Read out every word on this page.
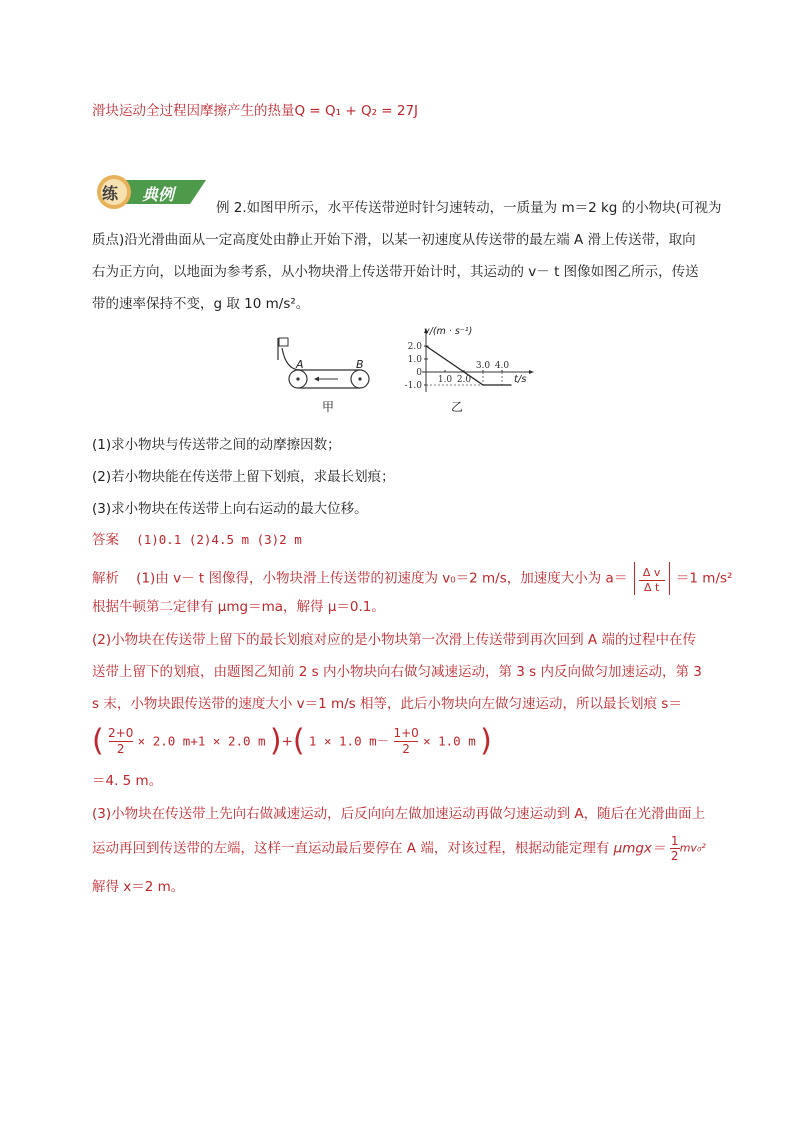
滑块运动全过程因摩擦产生的热量Q = Q₁ + Q₂ = 27J
练 典例
例 2.如图甲所示，水平传送带逆时针匀速转动，一质量为 m＝2 kg 的小物块(可视为
质点)沿光滑曲面从一定高度处由静止开始下滑，以某一初速度从传送带的最左端 A 滑上传送带，取向
右为正方向，以地面为参考系，从小物块滑上传送带开始计时，其运动的 v－ t 图像如图乙所示，传送
带的速率保持不变，g 取 10 m/s²。
A	B
甲
2.0
1.0
0
-1.0
1.0 2.0
3.0 4.0
v/(m · s⁻¹)
t/s
乙
(1)求小物块与传送带之间的动摩擦因数；
(2)若小物块能在传送带上留下划痕，求最长划痕；
(3)求小物块在传送带上向右运动的最大位移。
答案 (1)0.1 (2)4.5 m (3)2 m
解析 (1)由 v－ t 图像得，小物块滑上传送带的初速度为 v₀＝2 m/s，加速度大小为 $a= \frac{\text{Δ v}}{\text{Δ t}} =1$ m/s²
根据牛顿第二定律有 μmg＝ma，解得 μ＝0.1。
(2)小物块在传送带上留下的最长划痕对应的是小物块第一次滑上传送带到再次回到 A 端的过程中在传
送带上留下的划痕，由题图乙知前 2 s 内小物块向右做匀减速运动，第 3 s 内反向做匀加速运动，第 3
s 末，小物块跟传送带的速度大小 v＝1 m/s 相等，此后小物块向左做匀速运动，所以最长划痕 s＝
( $\frac{2+0}{2} \times 2.0$ m+1 × 2.0 m )+( 1 × 1.0 $m- \frac{1+0}{2} \times 1.0$ m )
＝4. 5 m。
(3)小物块在传送带上先向右做减速运动，后反向向左做加速运动再做匀速运动到 A，随后在光滑曲面上
运动再回到传送带的左端，这样一直运动最后要停在 A 端，对该过程，根据动能定理有 $\mu mgx= \frac{1}{2} mv_0^2$
解得 x＝2 m。
